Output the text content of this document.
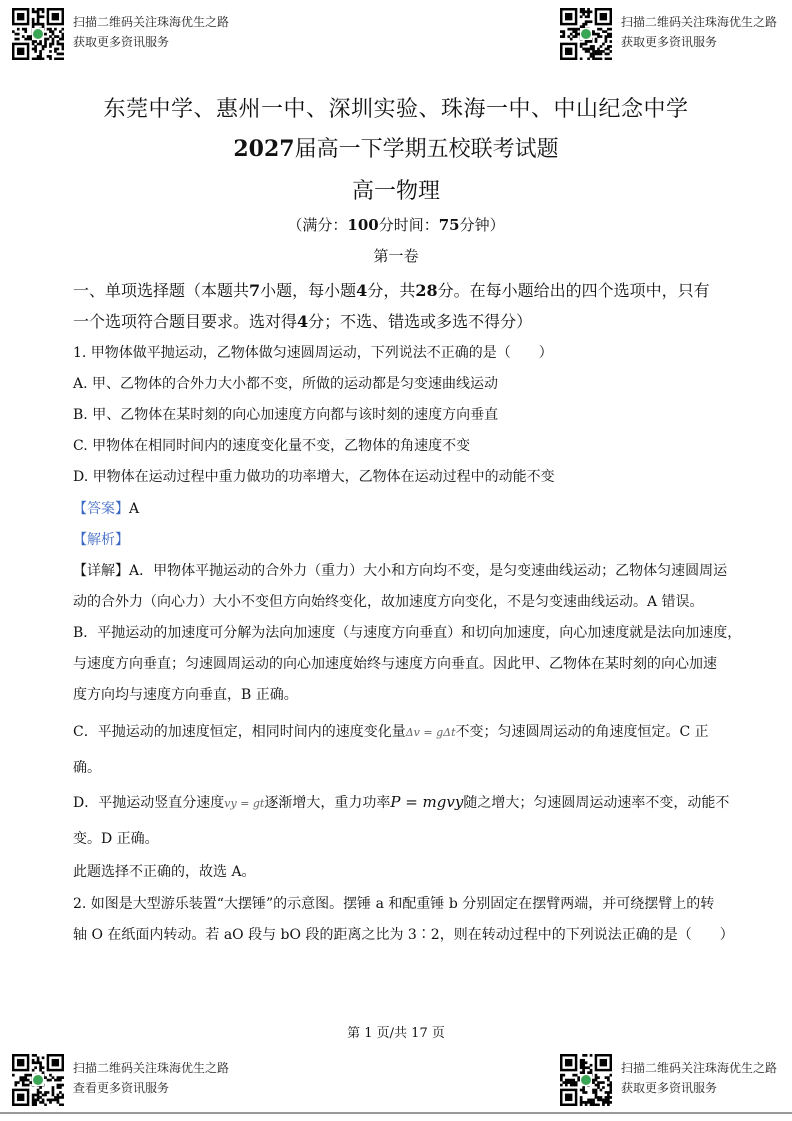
扫描二维码关注珠海优生之路
获取更多资讯服务
扫描二维码关注珠海优生之路
获取更多资讯服务
扫描二维码关注珠海优生之路
查看更多资讯服务
扫描二维码关注珠海优生之路
获取更多资讯服务
东莞中学、惠州一中、深圳实验、珠海一中、中山纪念中学
2027届高一下学期五校联考试题
高一物理
（满分：100分时间：75分钟）
第一卷
一、单项选择题（本题共7小题，每小题4分，共28分。在每小题给出的四个选项中，只有
一个选项符合题目要求。选对得4分；不选、错选或多选不得分）
1. 甲物体做平抛运动，乙物体做匀速圆周运动，下列说法不正确的是（　　）
A. 甲、乙物体的合外力大小都不变，所做的运动都是匀变速曲线运动
B. 甲、乙物体在某时刻的向心加速度方向都与该时刻的速度方向垂直
C. 甲物体在相同时间内的速度变化量不变，乙物体的角速度不变
D. 甲物体在运动过程中重力做功的功率增大，乙物体在运动过程中的动能不变
【答案】A
【解析】
【详解】A．甲物体平抛运动的合外力（重力）大小和方向均不变，是匀变速曲线运动；乙物体匀速圆周运
动的合外力（向心力）大小不变但方向始终变化，故加速度方向变化，不是匀变速曲线运动。A 错误。
B．平抛运动的加速度可分解为法向加速度（与速度方向垂直）和切向加速度，向心加速度就是法向加速度，
与速度方向垂直；匀速圆周运动的向心加速度始终与速度方向垂直。因此甲、乙物体在某时刻的向心加速
度方向均与速度方向垂直，B 正确。
C．平抛运动的加速度恒定，相同时间内的速度变化量Δv = gΔt不变；匀速圆周运动的角速度恒定。C 正
确。
D．平抛运动竖直分速度vy = gt逐渐增大，重力功率P = mgvy随之增大；匀速圆周运动速率不变，动能不
变。D 正确。
此题选择不正确的，故选 A。
2. 如图是大型游乐装置“大摆锤”的示意图。摆锤 a 和配重锤 b 分别固定在摆臂两端，并可绕摆臂上的转
轴 O 在纸面内转动。若 aO 段与 bO 段的距离之比为 3∶2，则在转动过程中的下列说法正确的是（　　）
第 1 页/共 17 页
